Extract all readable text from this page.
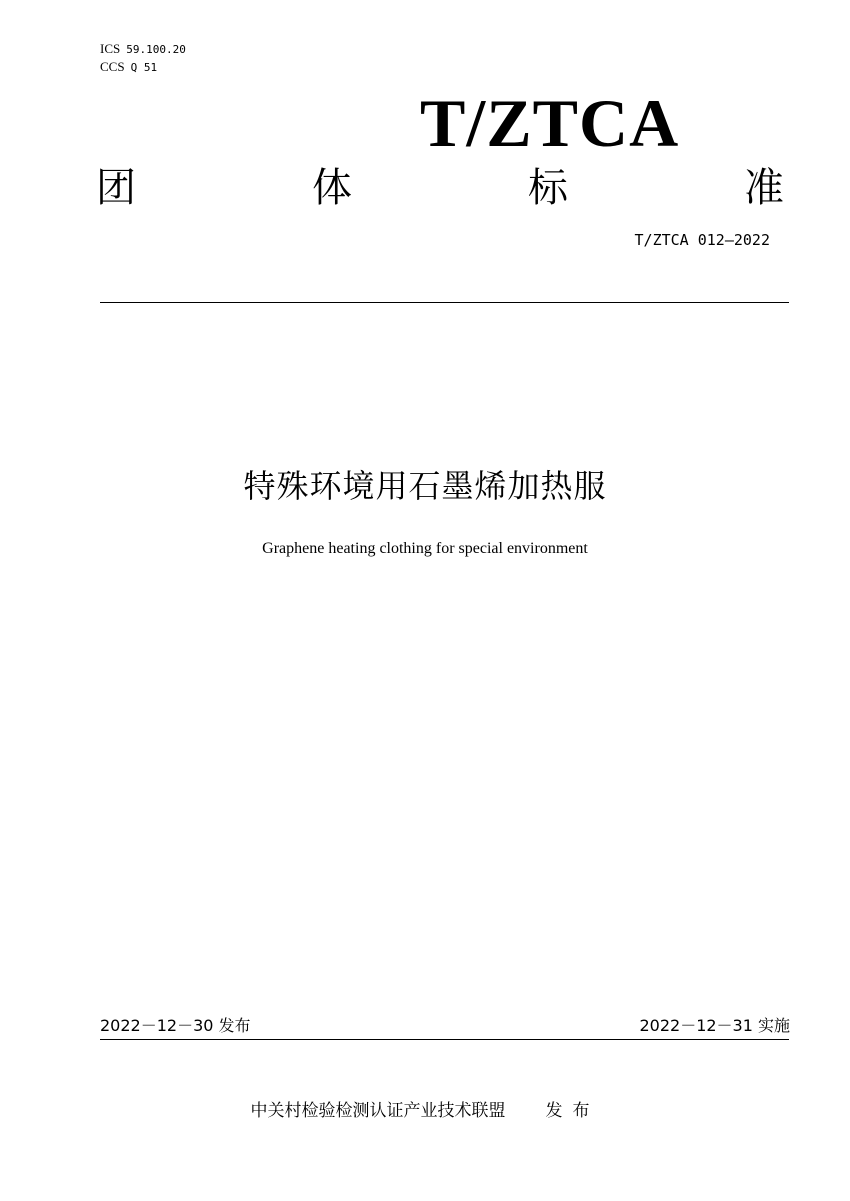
ICS 59.100.20
CCS Q 51
T/ZTCA
团	体	标	准
T/ZTCA 012—2022
特殊环境用石墨烯加热服
Graphene heating clothing for special environment
2022－12－30 发布	2022－12－31 实施
中关村检验检测认证产业技术联盟 发布
